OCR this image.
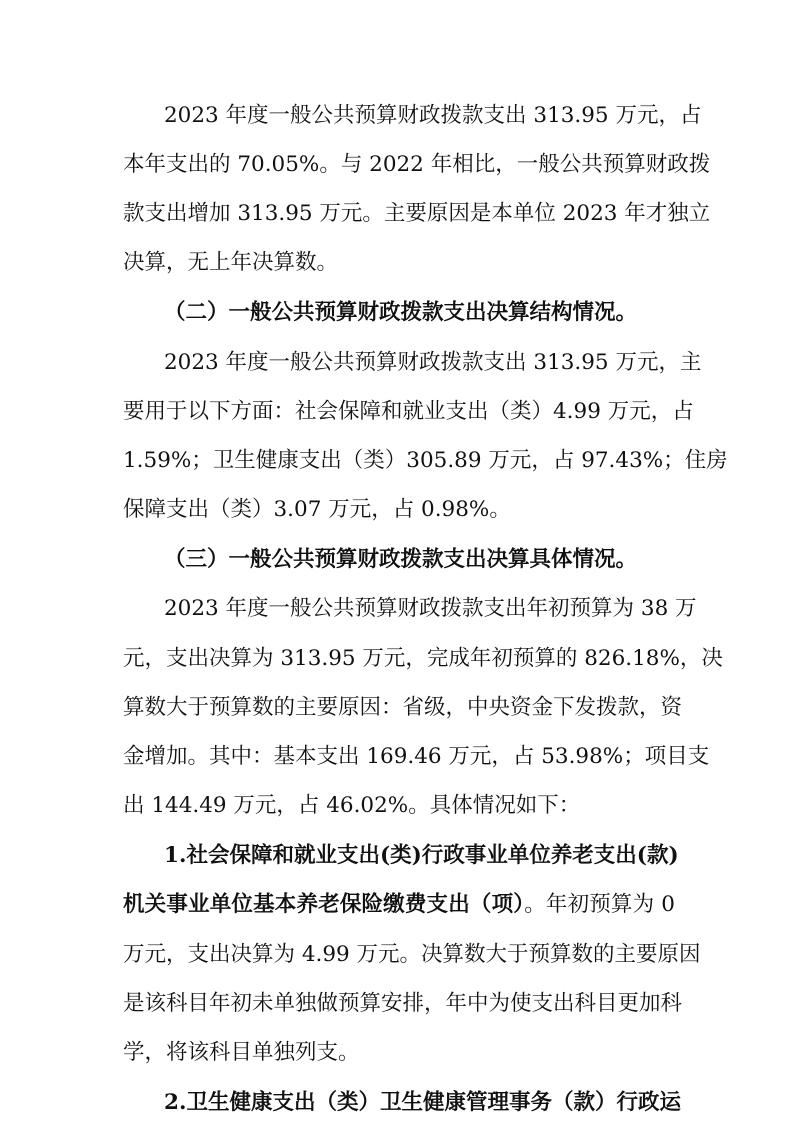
2023 年度一般公共预算财政拨款支出 313.95 万元，占
本年支出的 70.05%。与 2022 年相比，一般公共预算财政拨
款支出增加 313.95 万元。主要原因是本单位 2023 年才独立
决算，无上年决算数。
（二）一般公共预算财政拨款支出决算结构情况。
2023 年度一般公共预算财政拨款支出 313.95 万元，主
要用于以下方面：社会保障和就业支出（类）4.99 万元，占
1.59%；卫生健康支出（类）305.89 万元，占 97.43%；住房
保障支出（类）3.07 万元，占 0.98%。
（三）一般公共预算财政拨款支出决算具体情况。
2023 年度一般公共预算财政拨款支出年初预算为 38 万
元，支出决算为 313.95 万元，完成年初预算的 826.18%，决
算数大于预算数的主要原因：省级，中央资金下发拨款，资
金增加。其中：基本支出 169.46 万元，占 53.98%；项目支
出 144.49 万元，占 46.02%。具体情况如下：
1.社会保障和就业支出(类)行政事业单位养老支出(款)
机关事业单位基本养老保险缴费支出（项）。年初预算为 0
万元，支出决算为 4.99 万元。决算数大于预算数的主要原因
是该科目年初未单独做预算安排，年中为使支出科目更加科
学，将该科目单独列支。
2.卫生健康支出（类）卫生健康管理事务（款）行政运
